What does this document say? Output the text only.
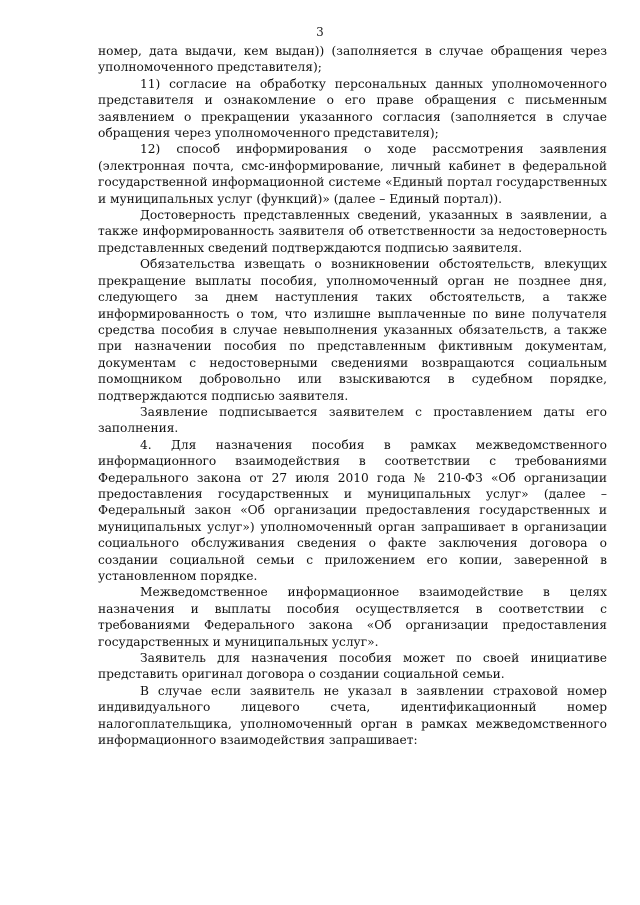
3

номер, дата выдачи, кем выдан)) (заполняется в случае обращения через уполномоченного представителя);

11) согласие на обработку персональных данных уполномоченного представителя и ознакомление о его праве обращения с письменным заявлением о прекращении указанного согласия (заполняется в случае обращения через уполномоченного представителя);

12) способ информирования о ходе рассмотрения заявления (электронная почта, смс-информирование, личный кабинет в федеральной государственной информационной системе «Единый портал государственных и муниципальных услуг (функций)» (далее – Единый портал)).

Достоверность представленных сведений, указанных в заявлении, а также информированность заявителя об ответственности за недостоверность представленных сведений подтверждаются подписью заявителя.

Обязательства извещать о возникновении обстоятельств, влекущих прекращение выплаты пособия, уполномоченный орган не позднее дня, следующего за днем наступления таких обстоятельств, а также информированность о том, что излишне выплаченные по вине получателя средства пособия в случае невыполнения указанных обязательств, а также при назначении пособия по представленным фиктивным документам, документам с недостоверными сведениями возвращаются социальным помощником добровольно или взыскиваются в судебном порядке, подтверждаются подписью заявителя.

Заявление подписывается заявителем с проставлением даты его заполнения.

4. Для назначения пособия в рамках межведомственного информационного взаимодействия в соответствии с требованиями Федерального закона от 27 июля 2010 года № 210-ФЗ «Об организации предоставления государственных и муниципальных услуг» (далее – Федеральный закон «Об организации предоставления государственных и муниципальных услуг») уполномоченный орган запрашивает в организации социального обслуживания сведения о факте заключения договора о создании социальной семьи с приложением его копии, заверенной в установленном порядке.

Межведомственное информационное взаимодействие в целях назначения и выплаты пособия осуществляется в соответствии с требованиями Федерального закона «Об организации предоставления государственных и муниципальных услуг».

Заявитель для назначения пособия может по своей инициативе представить оригинал договора о создании социальной семьи.

В случае если заявитель не указал в заявлении страховой номер индивидуального лицевого счета, идентификационный номер налогоплательщика, уполномоченный орган в рамках межведомственного информационного взаимодействия запрашивает:
